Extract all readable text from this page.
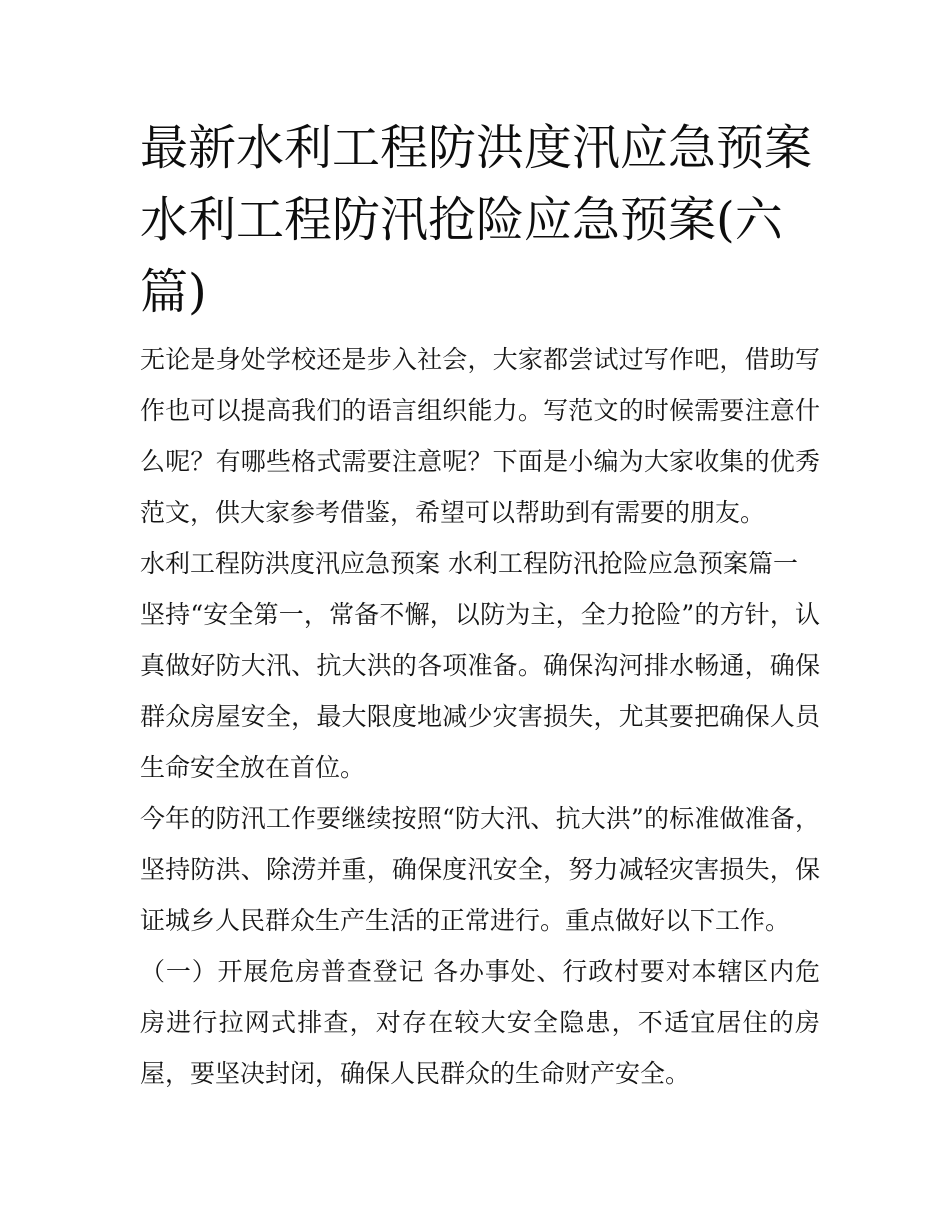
最新水利工程防洪度汛应急预案 水利工程防汛抢险应急预案(六篇)

无论是身处学校还是步入社会，大家都尝试过写作吧，借助写作也可以提高我们的语言组织能力。写范文的时候需要注意什么呢？有哪些格式需要注意呢？下面是小编为大家收集的优秀范文，供大家参考借鉴，希望可以帮助到有需要的朋友。

水利工程防洪度汛应急预案 水利工程防汛抢险应急预案篇一

坚持“安全第一，常备不懈，以防为主，全力抢险”的方针，认真做好防大汛、抗大洪的各项准备。确保沟河排水畅通，确保群众房屋安全，最大限度地减少灾害损失，尤其要把确保人员生命安全放在首位。

今年的防汛工作要继续按照“防大汛、抗大洪”的标准做准备，坚持防洪、除涝并重，确保度汛安全，努力减轻灾害损失，保证城乡人民群众生产生活的正常进行。重点做好以下工作。

（一）开展危房普查登记 各办事处、行政村要对本辖区内危房进行拉网式排查，对存在较大安全隐患，不适宜居住的房屋，要坚决封闭，确保人民群众的生命财产安全。
